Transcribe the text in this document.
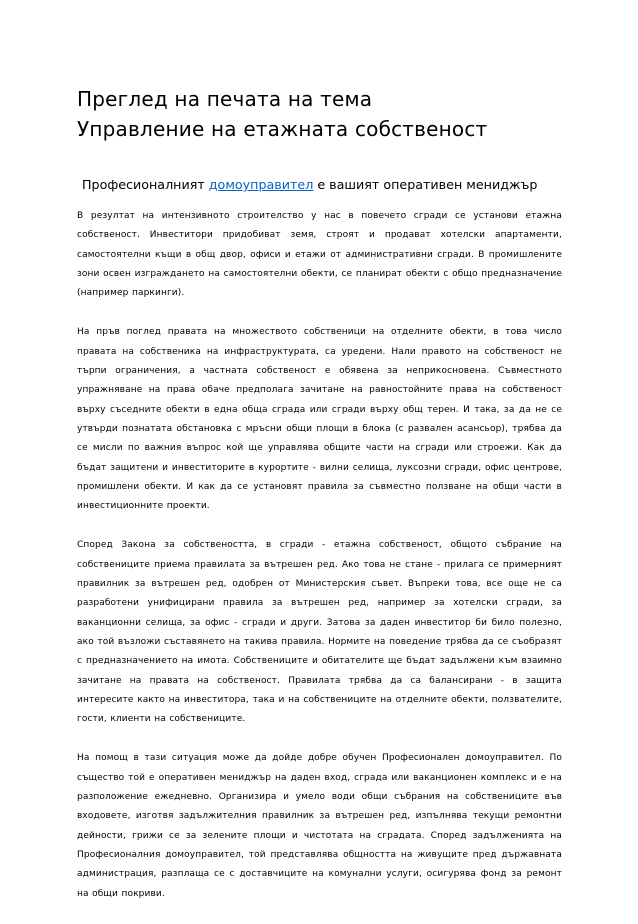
Преглед на печата на тема
Управление на етажната собственост
Професионалният домоуправител е вашият оперативен мениджър

В резултат на интензивното строителство у нас в повечето сгради се установи етажна собственост. Инвеститори придобиват земя, строят и продават хотелски апартаменти, самостоятелни къщи в общ двор, офиси и етажи от административни сгради. В промишлените зони освен изграждането на самостоятелни обекти, се планират обекти с общо предназначение (например паркинги).

На пръв поглед правата на множеството собственици на отделните обекти, в това число правата на собственика на инфраструктурата, са уредени. Нали правото на собственост не търпи ограничения, а частната собственост е обявена за неприкосновена. Съвместното упражняване на права обаче предполага зачитане на равностойните права на собственост върху съседните обекти в една обща сграда или сгради върху общ терен. И така, за да не се утвърди познатата обстановка с мръсни общи площи в блока (с развален асансьор), трябва да се мисли по важния въпрос кой ще управлява общите части на сгради или строежи. Как да бъдат защитени и инвеститорите в курортите - вилни селища, луксозни сгради, офис центрове, промишлени обекти. И как да се установят правила за съвместно ползване на общи части в инвестиционните проекти.

Според Закона за собствеността, в сгради - етажна собственост, общото събрание на собствениците приема правилата за вътрешен ред. Ако това не стане - прилага се примерният правилник за вътрешен ред, одобрен от Министерския съвет. Въпреки това, все още не са разработени унифицирани правила за вътрешен ред, например за хотелски сгради, за ваканционни селища, за офис - сгради и други. Затова за даден инвеститор би било полезно, ако той възложи съставянето на такива правила. Нормите на поведение трябва да се съобразят с предназначението на имота. Собствениците и обитателите ще бъдат задължени към взаимно зачитане на правата на собственост. Правилата трябва да са балансирани - в защита интересите както на инвеститора, така и на собствениците на отделните обекти, ползвателите, гости, клиенти на собствениците.

На помощ в тази ситуация може да дойде добре обучен Професионален домоуправител. По същество той е оперативен мениджър на даден вход, сграда или ваканционен комплекс и е на разположение ежедневно. Организира и умело води общи събрания на собствениците във входовете, изготвя задължителния правилник за вътрешен ред, изпълнява текущи ремонтни дейности, грижи се за зелените площи и чистотата на сградата. Според задълженията на Професионалния домоуправител, той представлява общността на живущите пред държавната администрация, разплаща се с доставчиците на комунални услуги, осигурява фонд за ремонт на общи покриви.
